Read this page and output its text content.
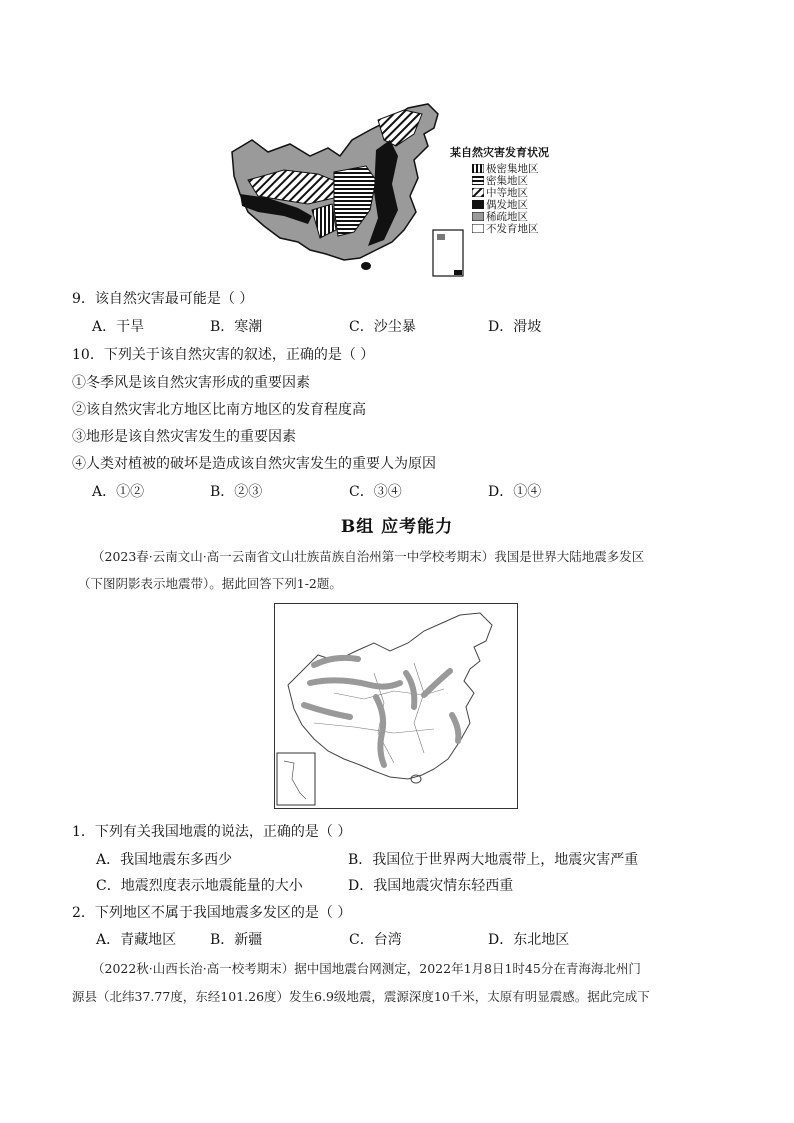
某自然灾害发育状况
极密集地区
密集地区
中等地区
偶发地区
稀疏地区
不发育地区
9．该自然灾害最可能是（ ）
A．干旱	B．寒潮	C．沙尘暴	D．滑坡
10．下列关于该自然灾害的叙述，正确的是（ ）
①冬季风是该自然灾害形成的重要因素
②该自然灾害北方地区比南方地区的发育程度高
③地形是该自然灾害发生的重要因素
④人类对植被的破坏是造成该自然灾害发生的重要人为原因
A．①②	B．②③	C．③④	D．①④
B组 应考能力
（2023春·云南文山·高一云南省文山壮族苗族自治州第一中学校考期末）我国是世界大陆地震多发区
（下图阴影表示地震带）。据此回答下列1-2题。
1．下列有关我国地震的说法，正确的是（ ）
A．我国地震东多西少	B．我国位于世界两大地震带上，地震灾害严重
C．地震烈度表示地震能量的大小	D．我国地震灾情东轻西重
2．下列地区不属于我国地震多发区的是（ ）
A．青藏地区 B．新疆	C．台湾	D．东北地区
（2022秋·山西长治·高一校考期末）据中国地震台网测定，2022年1月8日1时45分在青海海北州门
源县（北纬37.77度，东经101.26度）发生6.9级地震，震源深度10千米，太原有明显震感。据此完成下
